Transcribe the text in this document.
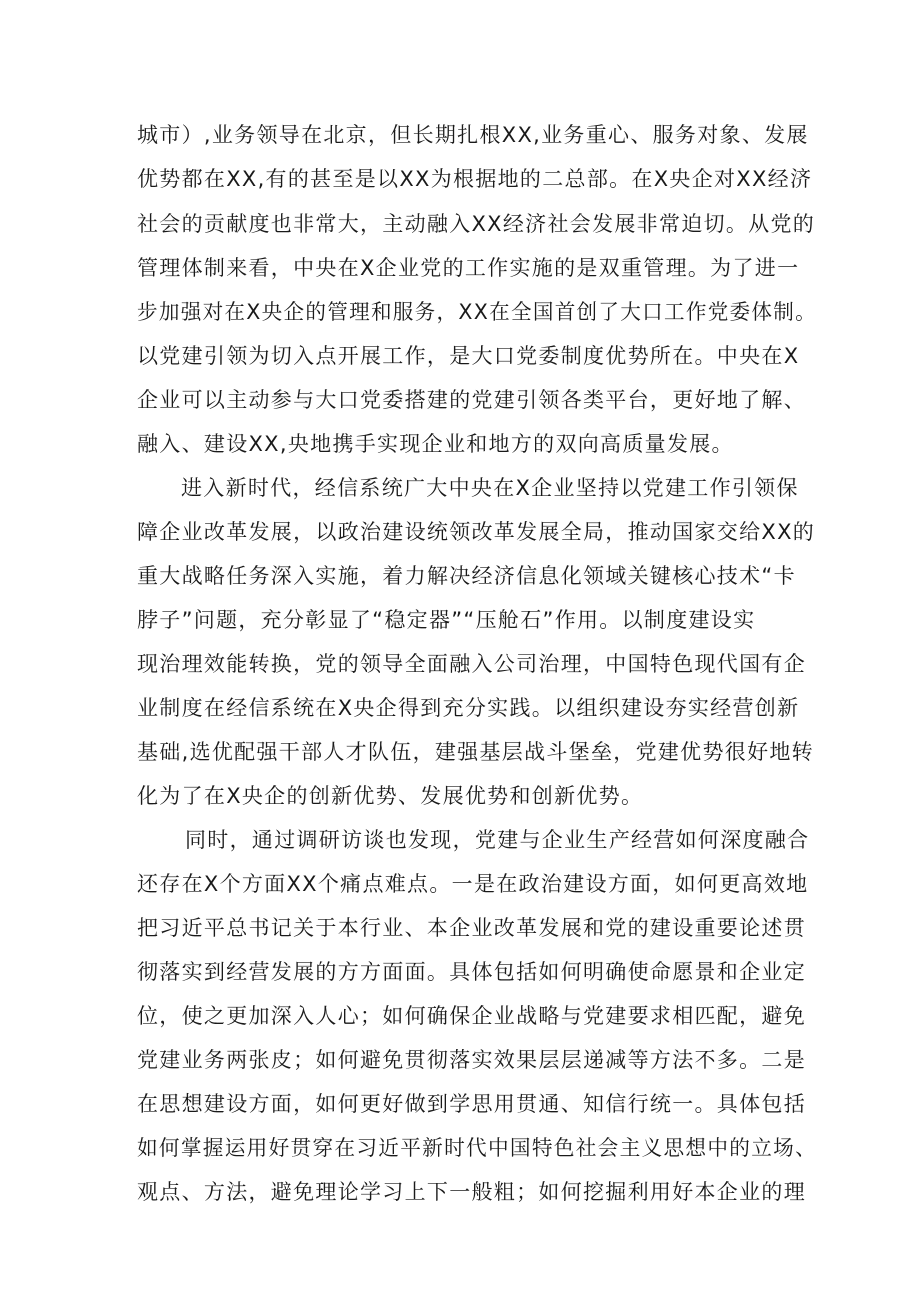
城市）,业务领导在北京，但长期扎根XX,业务重心、服务对象、发展
优势都在XX,有的甚至是以XX为根据地的二总部。在X央企对XX经济
社会的贡献度也非常大，主动融入XX经济社会发展非常迫切。从党的
管理体制来看，中央在X企业党的工作实施的是双重管理。为了进一
步加强对在X央企的管理和服务，XX在全国首创了大口工作党委体制。
以党建引领为切入点开展工作，是大口党委制度优势所在。中央在X
企业可以主动参与大口党委搭建的党建引领各类平台，更好地了解、
融入、建设XX,央地携手实现企业和地方的双向高质量发展。
进入新时代，经信系统广大中央在X企业坚持以党建工作引领保
障企业改革发展，以政治建设统领改革发展全局，推动国家交给XX的
重大战略任务深入实施，着力解决经济信息化领域关键核心技术“卡
脖子”问题，充分彰显了“稳定器”“压舱石”作用。以制度建设实
现治理效能转换，党的领导全面融入公司治理，中国特色现代国有企
业制度在经信系统在X央企得到充分实践。以组织建设夯实经营创新
基础,选优配强干部人才队伍，建强基层战斗堡垒，党建优势很好地转
化为了在X央企的创新优势、发展优势和创新优势。
同时，通过调研访谈也发现，党建与企业生产经营如何深度融合
还存在X个方面XX个痛点难点。一是在政治建设方面，如何更高效地
把习近平总书记关于本行业、本企业改革发展和党的建设重要论述贯
彻落实到经营发展的方方面面。具体包括如何明确使命愿景和企业定
位，使之更加深入人心；如何确保企业战略与党建要求相匹配，避免
党建业务两张皮；如何避免贯彻落实效果层层递减等方法不多。二是
在思想建设方面，如何更好做到学思用贯通、知信行统一。具体包括
如何掌握运用好贯穿在习近平新时代中国特色社会主义思想中的立场、
观点、方法，避免理论学习上下一般粗；如何挖掘利用好本企业的理
